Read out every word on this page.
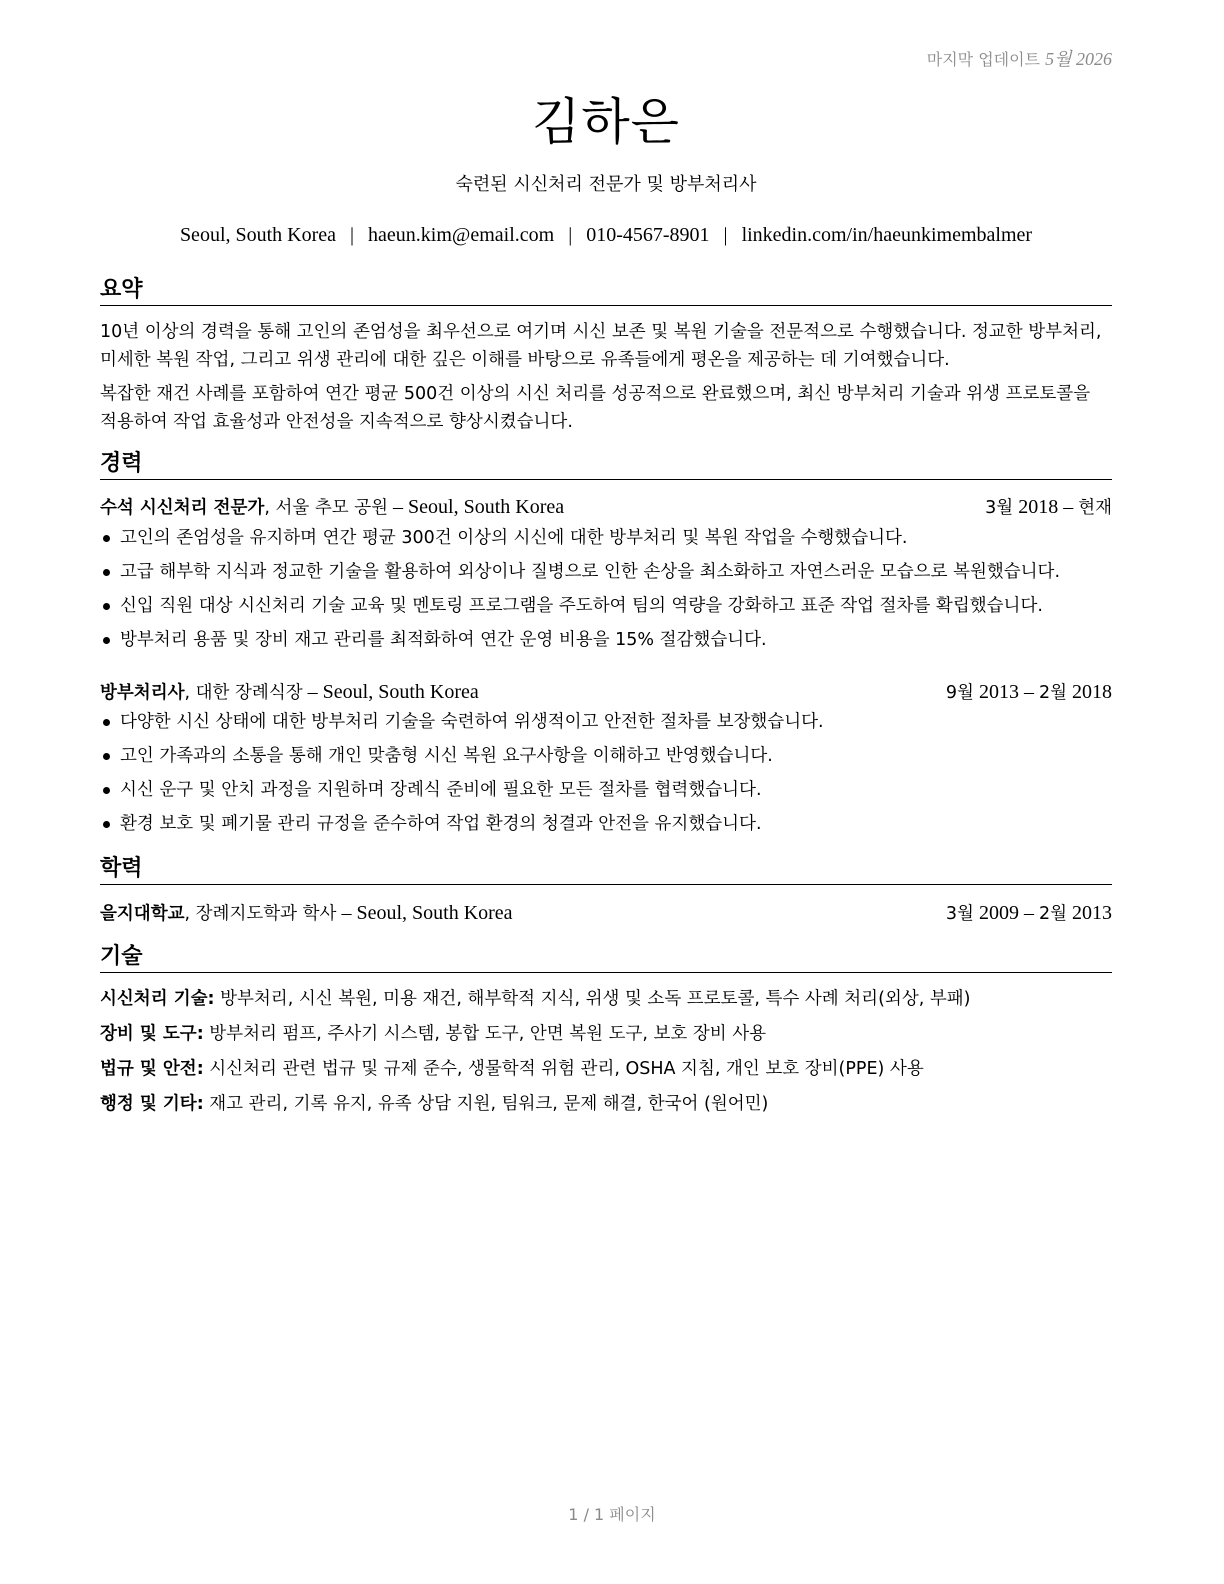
마지막 업데이트 5월 2026
김하은
숙련된 시신처리 전문가 및 방부처리사
Seoul, South Korea | haeun.kim@email.com | 010-4567-8901 | linkedin.com/in/haeunkimembalmer
요약
10년 이상의 경력을 통해 고인의 존엄성을 최우선으로 여기며 시신 보존 및 복원 기술을 전문적으로 수행했습니다. 정교한 방부처리, 미세한 복원 작업, 그리고 위생 관리에 대한 깊은 이해를 바탕으로 유족들에게 평온을 제공하는 데 기여했습니다.
복잡한 재건 사례를 포함하여 연간 평균 500건 이상의 시신 처리를 성공적으로 완료했으며, 최신 방부처리 기술과 위생 프로토콜을 적용하여 작업 효율성과 안전성을 지속적으로 향상시켰습니다.
경력
수석 시신처리 전문가, 서울 추모 공원 – Seoul, South Korea	3월 2018 – 현재
고인의 존엄성을 유지하며 연간 평균 300건 이상의 시신에 대한 방부처리 및 복원 작업을 수행했습니다.
고급 해부학 지식과 정교한 기술을 활용하여 외상이나 질병으로 인한 손상을 최소화하고 자연스러운 모습으로 복원했습니다.
신입 직원 대상 시신처리 기술 교육 및 멘토링 프로그램을 주도하여 팀의 역량을 강화하고 표준 작업 절차를 확립했습니다.
방부처리 용품 및 장비 재고 관리를 최적화하여 연간 운영 비용을 15% 절감했습니다.
방부처리사, 대한 장례식장 – Seoul, South Korea	9월 2013 – 2월 2018
다양한 시신 상태에 대한 방부처리 기술을 숙련하여 위생적이고 안전한 절차를 보장했습니다.
고인 가족과의 소통을 통해 개인 맞춤형 시신 복원 요구사항을 이해하고 반영했습니다.
시신 운구 및 안치 과정을 지원하며 장례식 준비에 필요한 모든 절차를 협력했습니다.
환경 보호 및 폐기물 관리 규정을 준수하여 작업 환경의 청결과 안전을 유지했습니다.
학력
을지대학교, 장례지도학과 학사 – Seoul, South Korea	3월 2009 – 2월 2013
기술
시신처리 기술: 방부처리, 시신 복원, 미용 재건, 해부학적 지식, 위생 및 소독 프로토콜, 특수 사례 처리(외상, 부패)
장비 및 도구: 방부처리 펌프, 주사기 시스템, 봉합 도구, 안면 복원 도구, 보호 장비 사용
법규 및 안전: 시신처리 관련 법규 및 규제 준수, 생물학적 위험 관리, OSHA 지침, 개인 보호 장비(PPE) 사용
행정 및 기타: 재고 관리, 기록 유지, 유족 상담 지원, 팀워크, 문제 해결, 한국어 (원어민)
1 / 1 페이지
